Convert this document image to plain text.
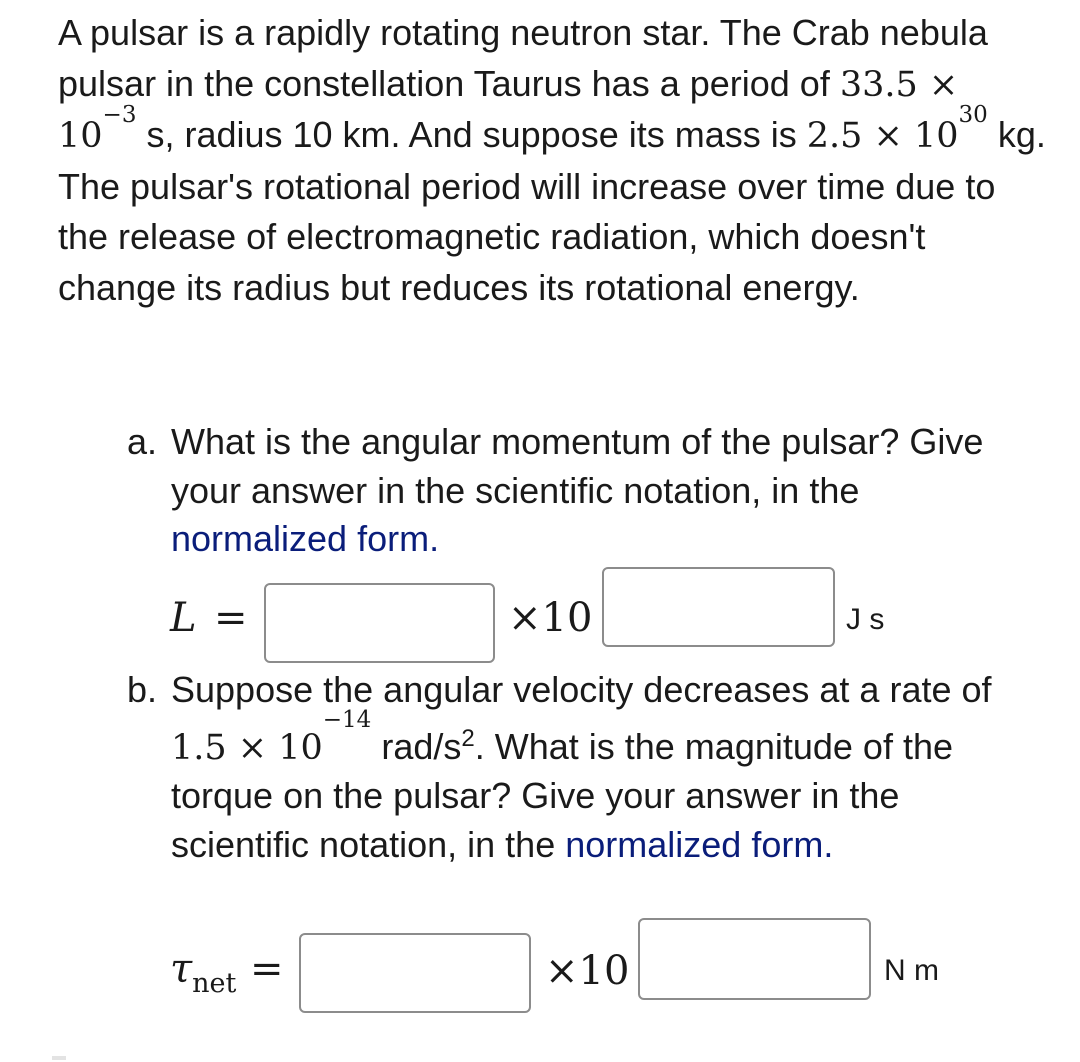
A pulsar is a rapidly rotating neutron star. The Crab nebula pulsar in the constellation Taurus has a period of $33.5 \times 10^{-3}$ s, radius 10 km. And suppose its mass is $2.5 \times 10^{30}$ kg. The pulsar's rotational period will increase over time due to the release of electromagnetic radiation, which doesn't change its radius but reduces its rotational energy.

a. What is the angular momentum of the pulsar? Give your answer in the scientific notation, in the normalized form.
L =	×10	J s
b. Suppose the angular velocity decreases at a rate of $1.5 \times 10^{-14}rad/s^2$. What is the magnitude of the torque on the pulsar? Give your answer in the scientific notation, in the normalized form.
$\tau_{net}$ =	×10	N m
